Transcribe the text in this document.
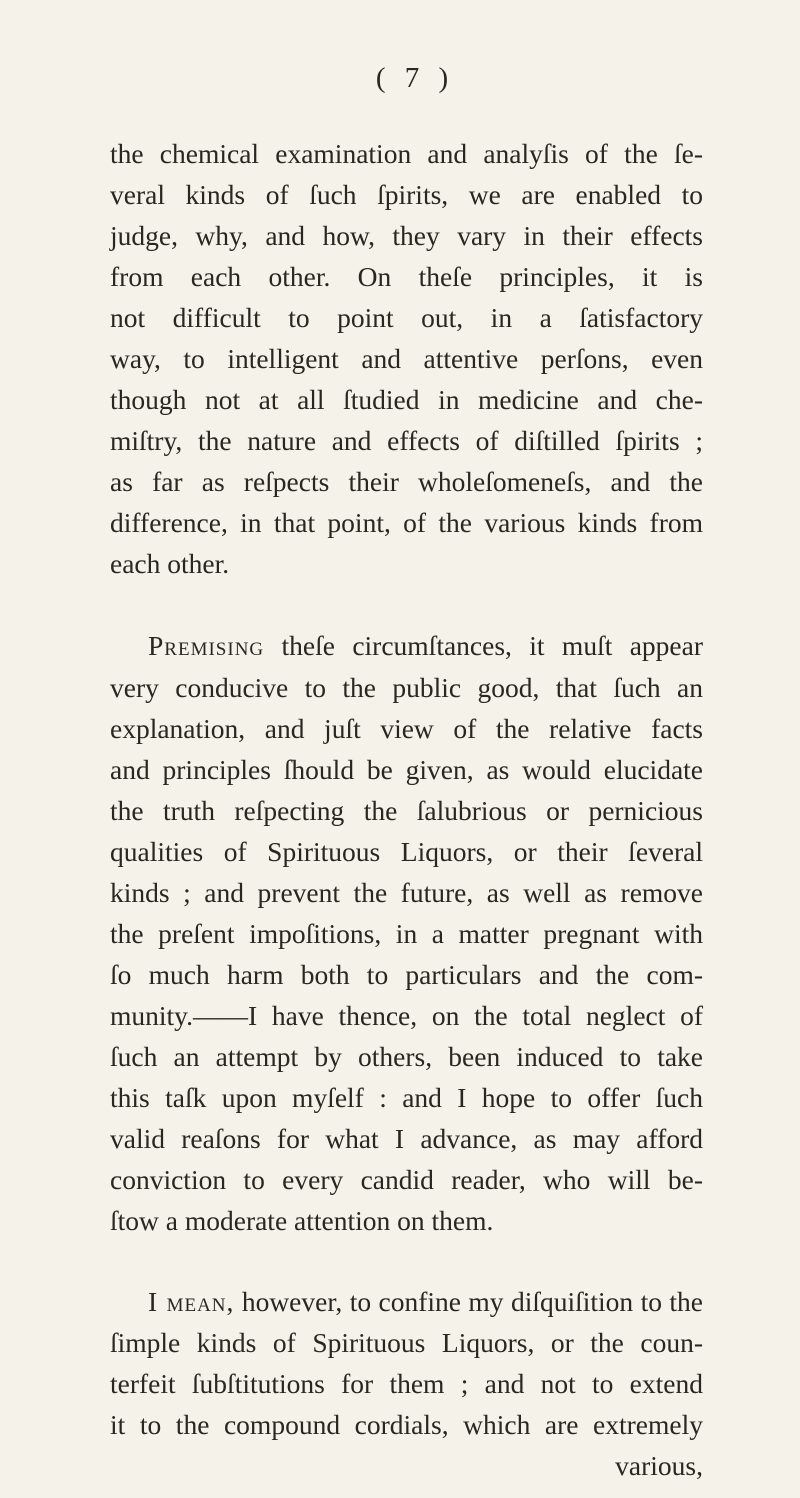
( 7 )
the chemical examination and analyſis of the ſe-
veral kinds of ſuch ſpirits, we are enabled to
judge, why, and how, they vary in their effects
from each other. On theſe principles, it is
not difficult to point out, in a ſatisfactory
way, to intelligent and attentive perſons, even
though not at all ſtudied in medicine and che-
miſtry, the nature and effects of diſtilled ſpirits ;
as far as reſpects their wholeſomeneſs, and the
difference, in that point, of the various kinds from
each other.
Premising theſe circumſtances, it muſt appear
very conducive to the public good, that ſuch an
explanation, and juſt view of the relative facts
and principles ſhould be given, as would elucidate
the truth reſpecting the ſalubrious or pernicious
qualities of Spirituous Liquors, or their ſeveral
kinds ; and prevent the future, as well as remove
the preſent impoſitions, in a matter pregnant with
ſo much harm both to particulars and the com-
munity.——I have thence, on the total neglect of
ſuch an attempt by others, been induced to take
this taſk upon myſelf : and I hope to offer ſuch
valid reaſons for what I advance, as may afford
conviction to every candid reader, who will be-
ſtow a moderate attention on them.
I mean, however, to confine my diſquiſition to the
ſimple kinds of Spirituous Liquors, or the coun-
terfeit ſubſtitutions for them ; and not to extend
it to the compound cordials, which are extremely
various,
